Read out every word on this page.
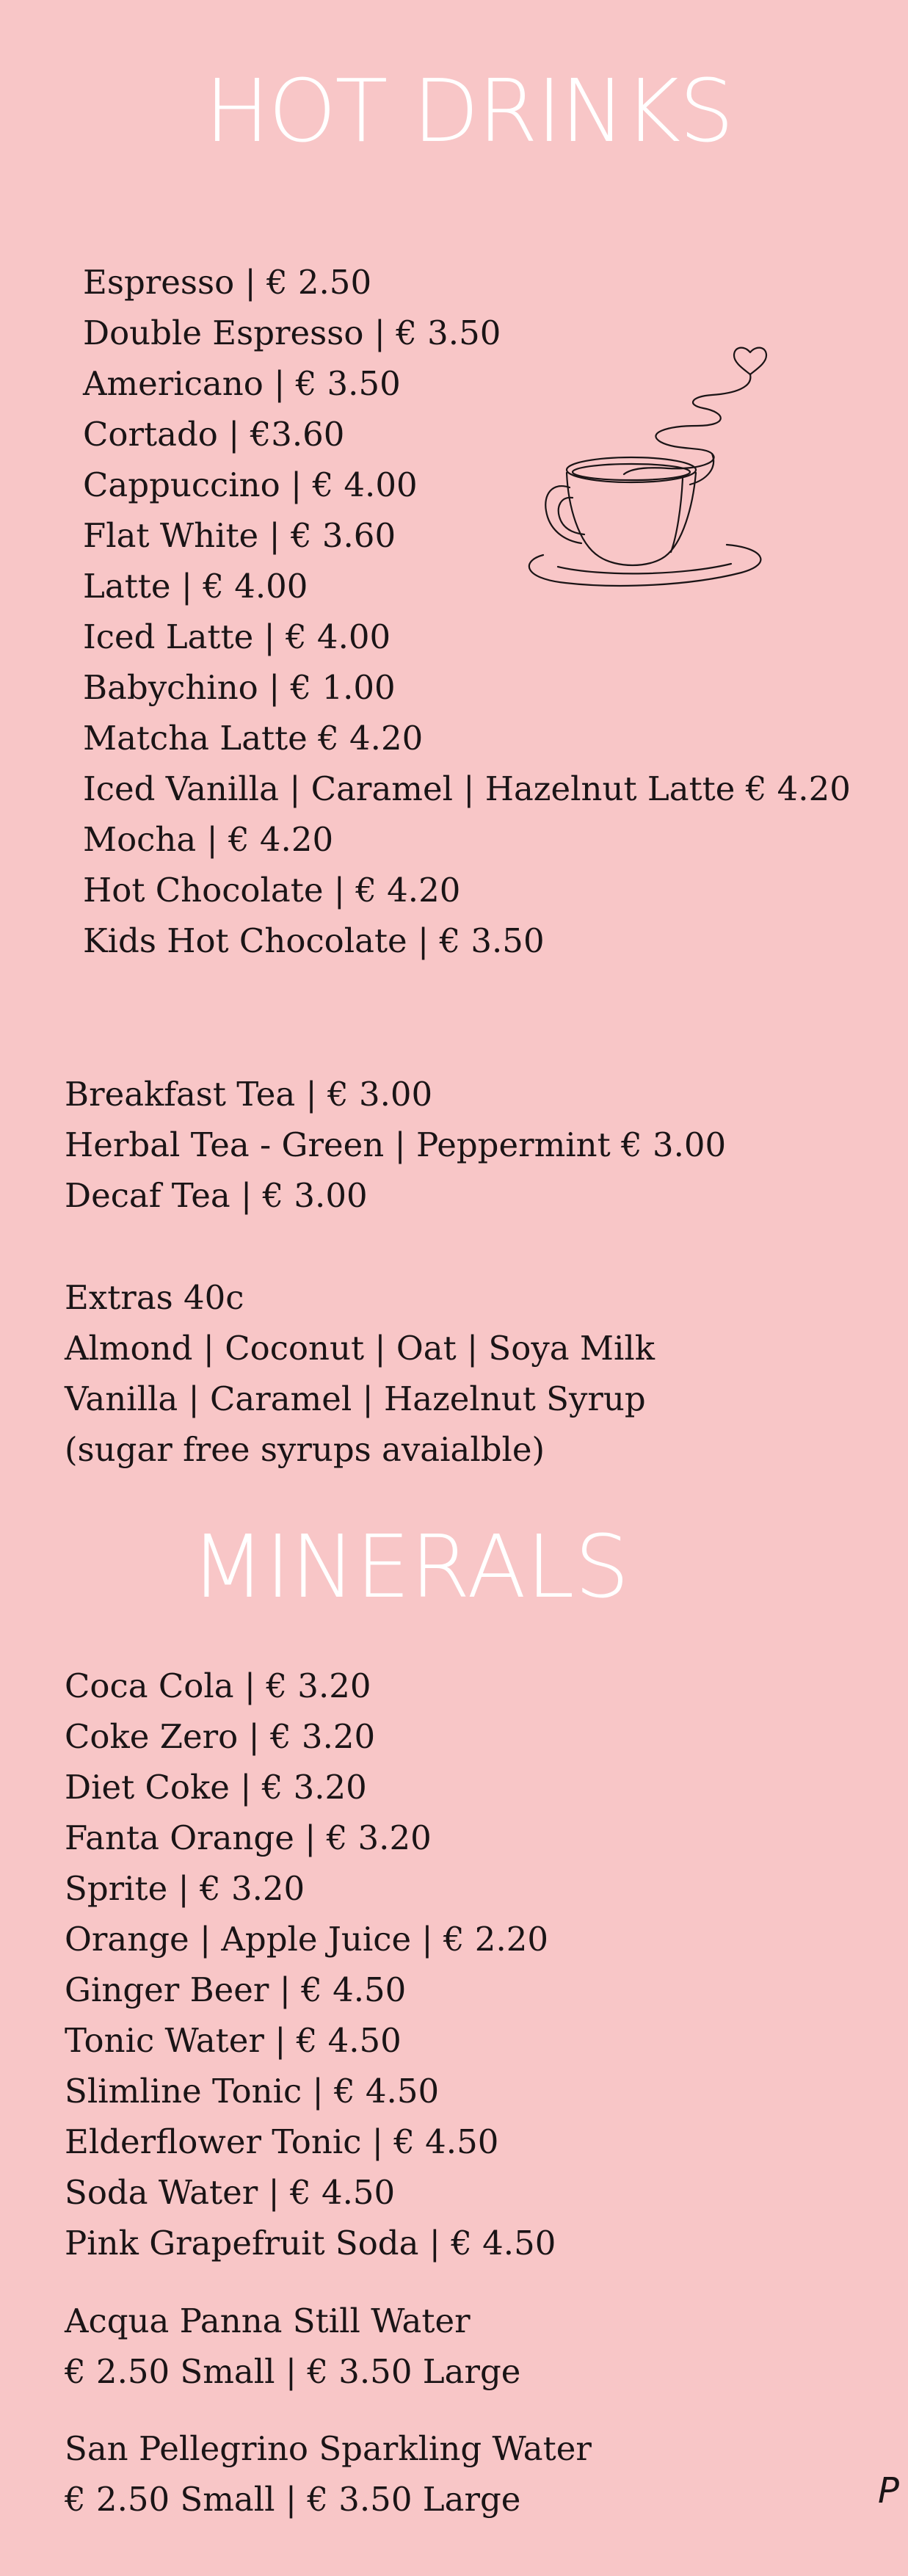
HOT DRINKS
Espresso | € 2.50
Double Espresso | € 3.50
Americano | € 3.50
Cortado | €3.60
Cappuccino | € 4.00
Flat White | € 3.60
Latte | € 4.00
Iced Latte | € 4.00
Babychino | € 1.00
Matcha Latte € 4.20
Iced Vanilla | Caramel | Hazelnut Latte € 4.20
Mocha | € 4.20
Hot Chocolate | € 4.20
Kids Hot Chocolate | € 3.50
Breakfast Tea | € 3.00
Herbal Tea - Green | Peppermint € 3.00
Decaf Tea | € 3.00
Extras 40c
Almond | Coconut | Oat | Soya Milk
Vanilla | Caramel | Hazelnut Syrup
(sugar free syrups avaialble)
MINERALS
Coca Cola | € 3.20
Coke Zero | € 3.20
Diet Coke | € 3.20
Fanta Orange | € 3.20
Sprite | € 3.20
Orange | Apple Juice | € 2.20
Ginger Beer | € 4.50
Tonic Water | € 4.50
Slimline Tonic | € 4.50
Elderflower Tonic | € 4.50
Soda Water | € 4.50
Pink Grapefruit Soda | € 4.50
Acqua Panna Still Water
€ 2.50 Small | € 3.50 Large
San Pellegrino Sparkling Water
€ 2.50 Small | € 3.50 Large	P
